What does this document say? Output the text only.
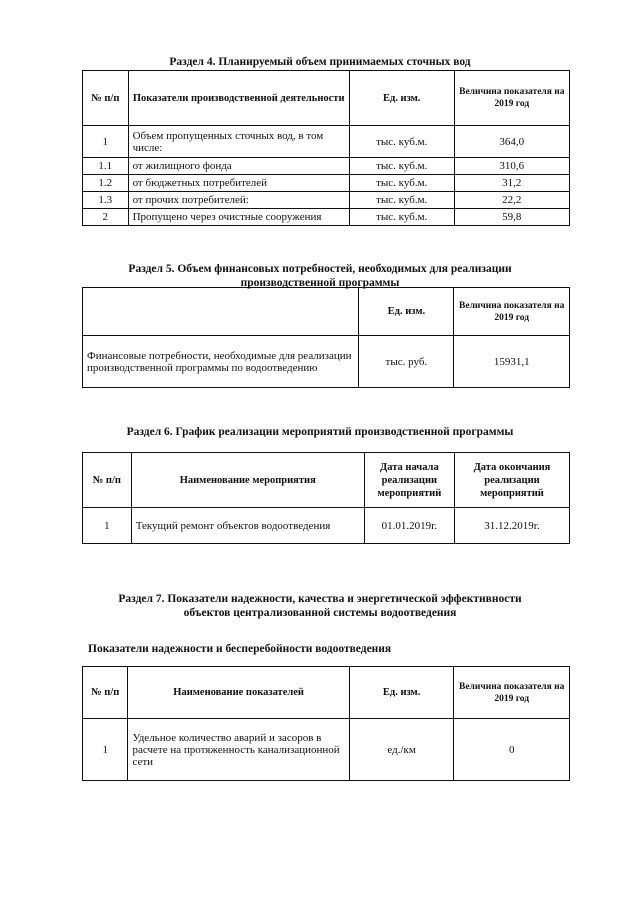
Раздел 4. Планируемый объем принимаемых сточных вод
№ п/п	Показатели производственной деятельности	Ед. изм.	Величина показателя на 2019 год
1	Объем пропущенных сточных вод, в том числе:	тыс. куб.м.	364,0
1.1	от жилищного фонда	тыс. куб.м.	310,6
1.2	от бюджетных потребителей	тыс. куб.м.	31,2
1.3	от прочих потребителей:	тыс. куб.м.	22,2
2	Пропущено через очистные сооружения	тыс. куб.м.	59,8
Раздел 5. Объем финансовых потребностей, необходимых для реализации производственной программы
	Ед. изм.	Величина показателя на 2019 год
Финансовые потребности, необходимые для реализации производственной программы по водоотведению	тыс. руб.	15931,1
Раздел 6. График реализации мероприятий производственной программы
№ п/п	Наименование мероприятия	Дата начала реализации мероприятий	Дата окончания реализации мероприятий
1	Текущий ремонт объектов водоотведения	01.01.2019г.	31.12.2019г.
Раздел 7. Показатели надежности, качества и энергетической эффективности объектов централизованной системы водоотведения
Показатели надежности и бесперебойности водоотведения
№ п/п	Наименование показателей	Ед. изм.	Величина показателя на 2019 год
1	Удельное количество аварий и засоров в расчете на протяженность канализационной сети	ед./км	0
